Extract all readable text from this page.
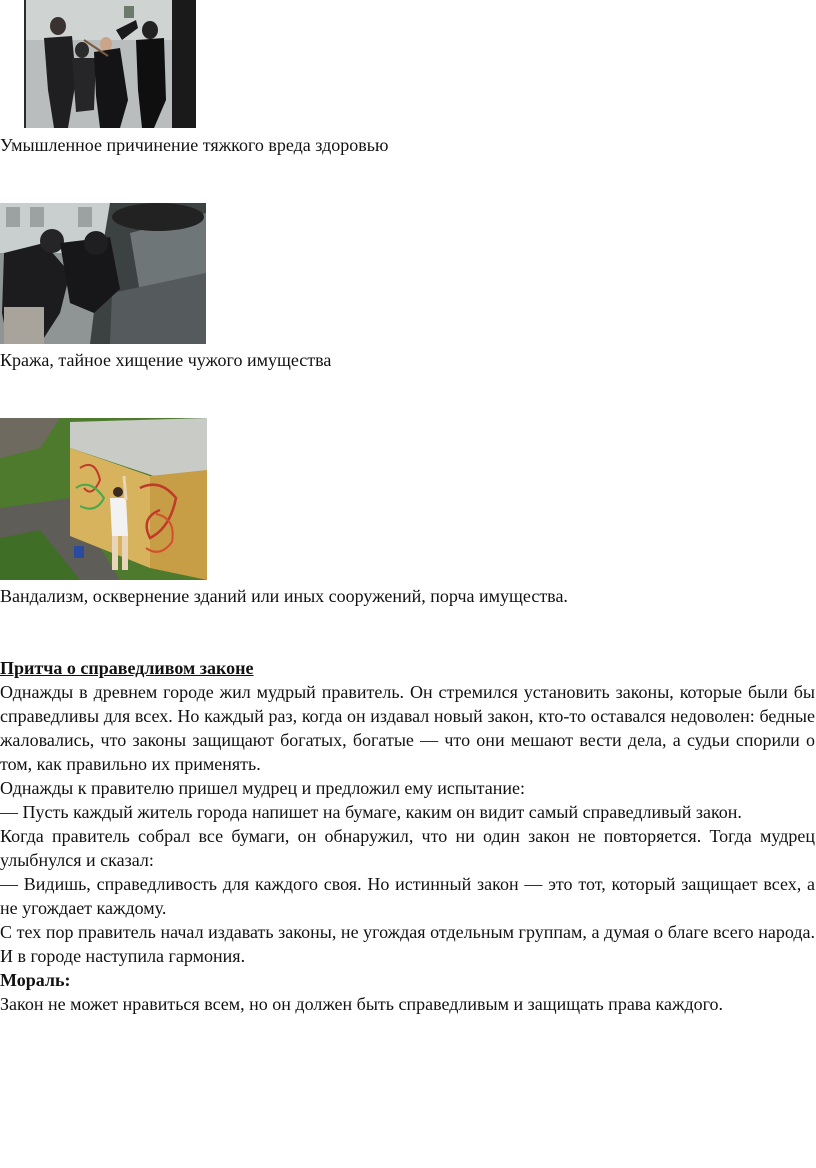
Умышленное причинение тяжкого вреда здоровью
Кража, тайное хищение чужого имущества
Вандализм, осквернение зданий или иных сооружений, порча имущества.

Притча о справедливом законе

Однажды в древнем городе жил мудрый правитель. Он стремился установить законы, которые были бы справедливы для всех. Но каждый раз, когда он издавал новый закон, кто-то оставался недоволен: бедные жаловались, что законы защищают богатых, богатые — что они мешают вести дела, а судьи спорили о том, как правильно их применять.

Однажды к правителю пришел мудрец и предложил ему испытание:

— Пусть каждый житель города напишет на бумаге, каким он видит самый справедливый закон.

Когда правитель собрал все бумаги, он обнаружил, что ни один закон не повторяется. Тогда мудрец улыбнулся и сказал:

— Видишь, справедливость для каждого своя. Но истинный закон — это тот, который защищает всех, а не угождает каждому.

С тех пор правитель начал издавать законы, не угождая отдельным группам, а думая о благе всего народа. И в городе наступила гармония.

Мораль:

Закон не может нравиться всем, но он должен быть справедливым и защищать права каждого.
